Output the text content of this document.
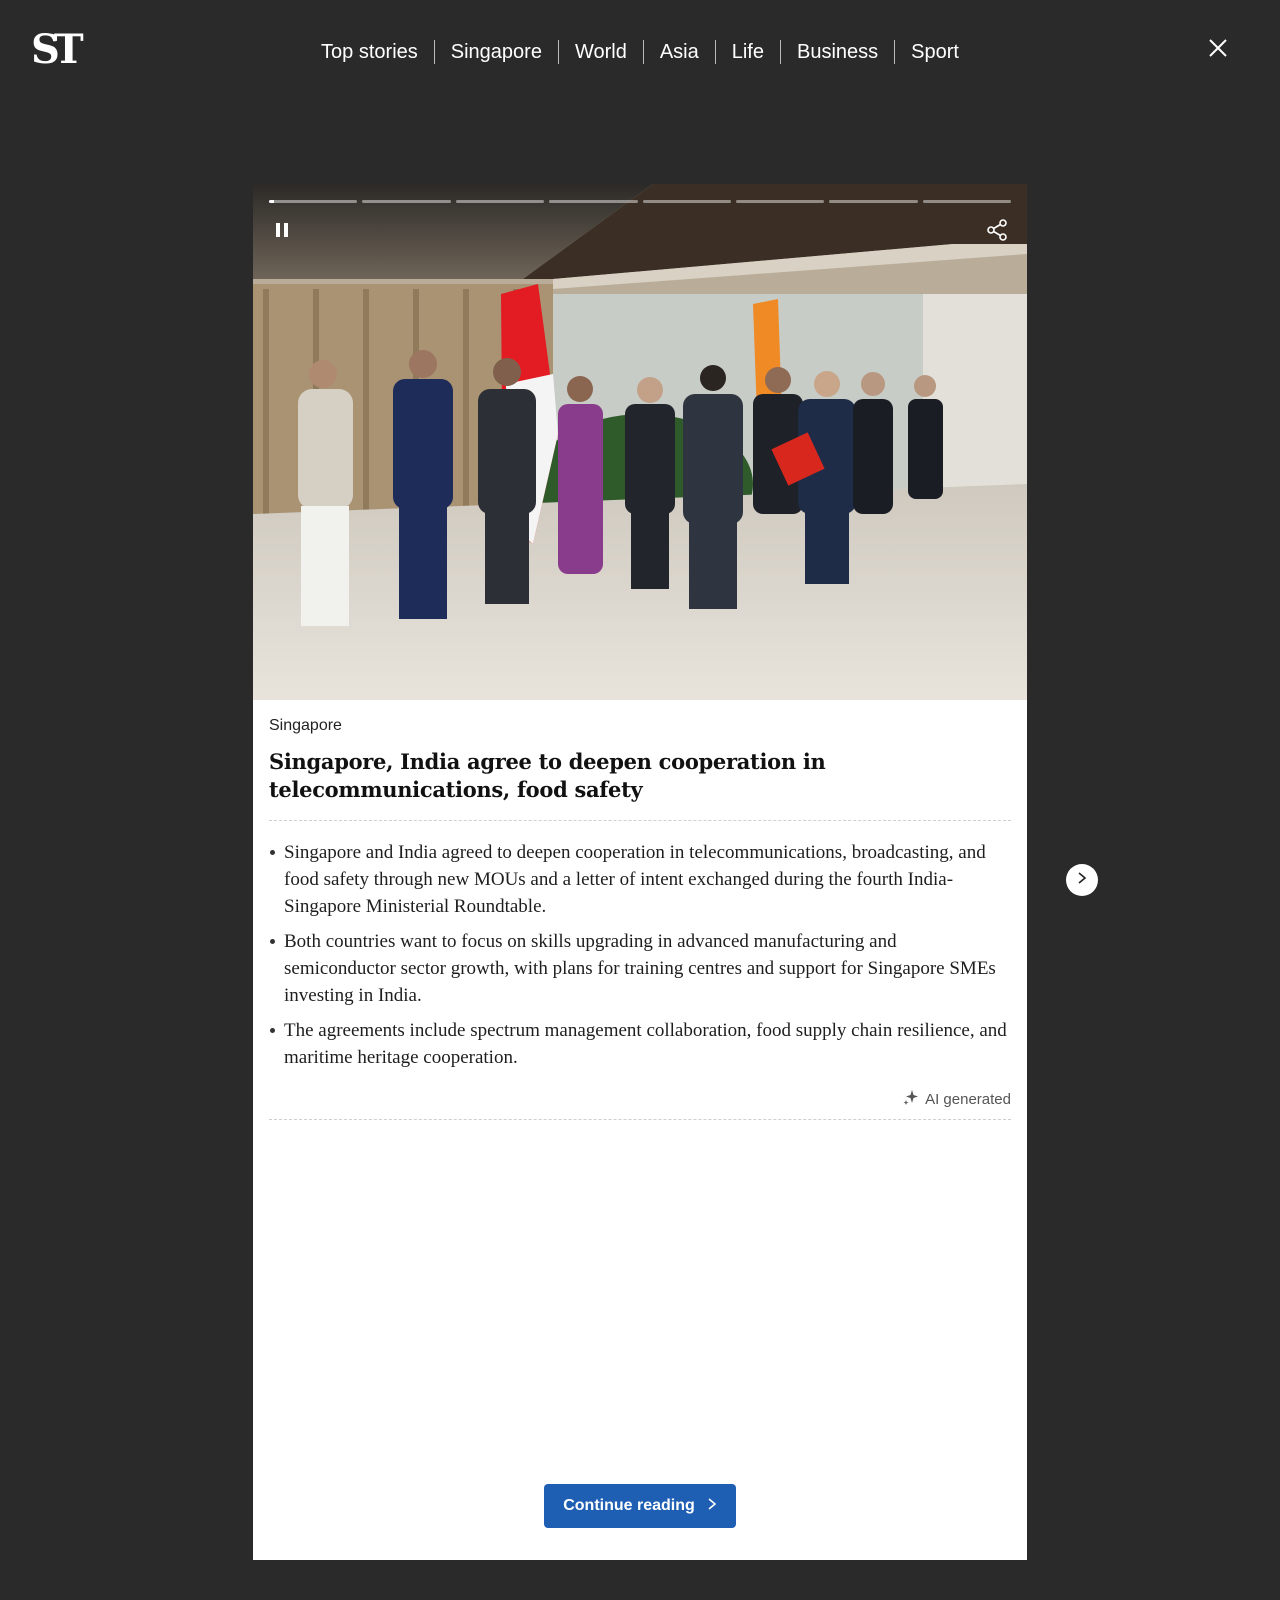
ST	Top stories	Singapore	World	Asia	Life	Business	Sport
Singapore
Singapore, India agree to deepen cooperation in telecommunications, food safety
Singapore and India agreed to deepen cooperation in telecommunications, broadcasting, and food safety through new MOUs and a letter of intent exchanged during the fourth India-Singapore Ministerial Roundtable.
Both countries want to focus on skills upgrading in advanced manufacturing and semiconductor sector growth, with plans for training centres and support for Singapore SMEs investing in India.
The agreements include spectrum management collaboration, food supply chain resilience, and maritime heritage cooperation.
AI generated
Continue reading
